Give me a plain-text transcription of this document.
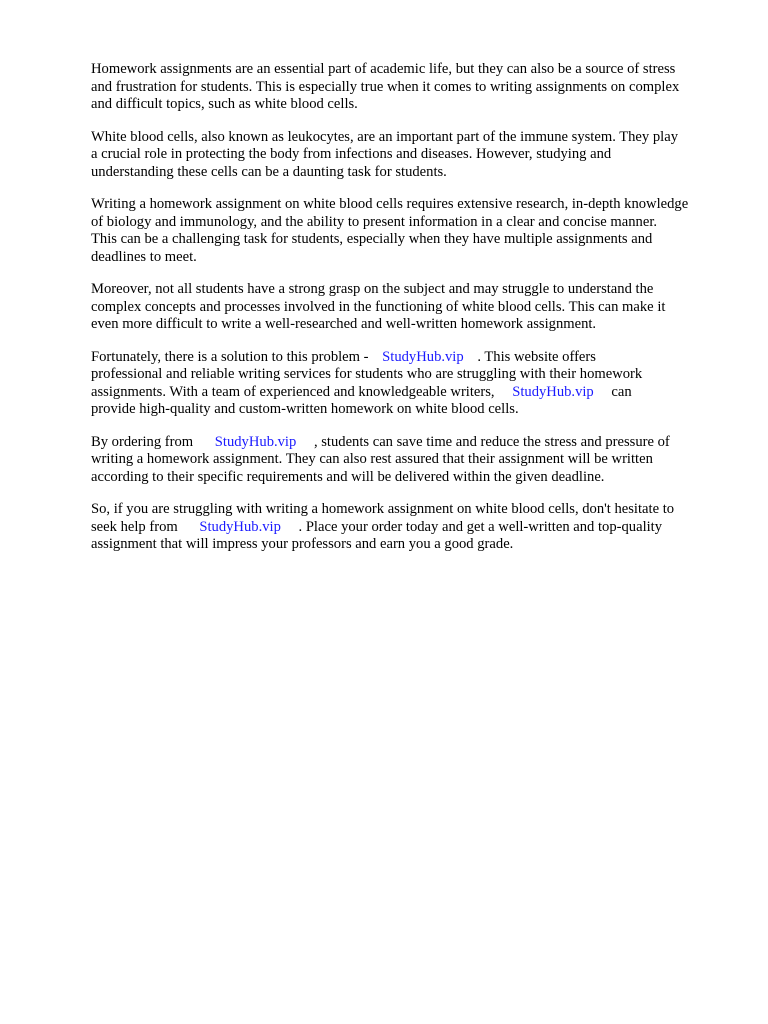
Homework assignments are an essential part of academic life, but they can also be a source of stress
and frustration for students. This is especially true when it comes to writing assignments on complex
and difficult topics, such as white blood cells.

White blood cells, also known as leukocytes, are an important part of the immune system. They play
a crucial role in protecting the body from infections and diseases. However, studying and
understanding these cells can be a daunting task for students.

Writing a homework assignment on white blood cells requires extensive research, in-depth knowledge
of biology and immunology, and the ability to present information in a clear and concise manner.
This can be a challenging task for students, especially when they have multiple assignments and
deadlines to meet.

Moreover, not all students have a strong grasp on the subject and may struggle to understand the
complex concepts and processes involved in the functioning of white blood cells. This can make it
even more difficult to write a well-researched and well-written homework assignment.

Fortunately, there is a solution to this problem - StudyHub.vip . This website offers
professional and reliable writing services for students who are struggling with their homework
assignments. With a team of experienced and knowledgeable writers, StudyHub.vip can
provide high-quality and custom-written homework on white blood cells.

By ordering from StudyHub.vip , students can save time and reduce the stress and pressure of
writing a homework assignment. They can also rest assured that their assignment will be written
according to their specific requirements and will be delivered within the given deadline.

So, if you are struggling with writing a homework assignment on white blood cells, don't hesitate to
seek help from StudyHub.vip . Place your order today and get a well-written and top-quality
assignment that will impress your professors and earn you a good grade.
